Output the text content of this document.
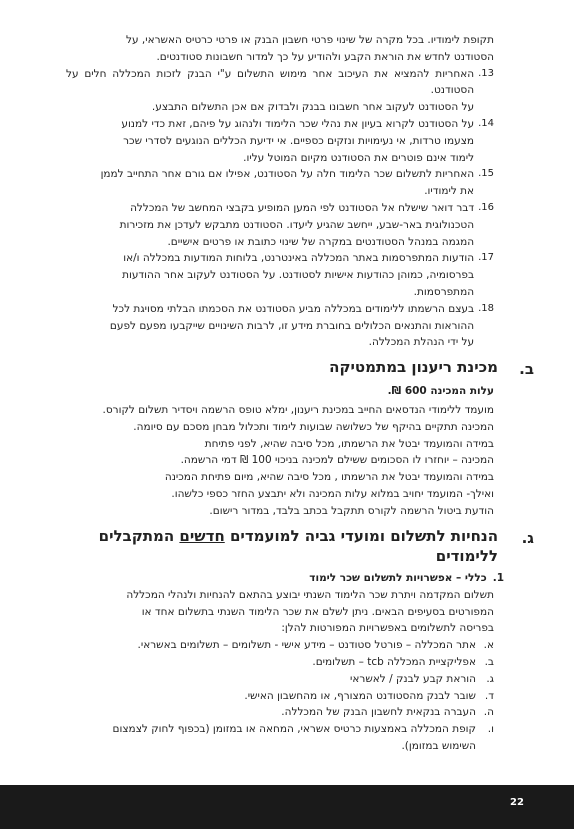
תקופת לימודיו. בכל מקרה של שינוי פרטי חשבון הבנק או פרטי כרטיס האשראי, על
הסטודנט לחדש את הוראת הקבע ולהודיע על כך למדור חשבונות סטודנטים.

13.
האחריות להמציא את העיכוב אחר מימוש התשלום ע"י הבנק לזכות המכללה חלים על הסטודנט.
על הסטודנט לעקוב אחר חשבונו בבנק ולבדוק אם אכן התשלום התבצע.
14.
על הסטודנט לקרוא בעיון את נהלי שכר הלימוד ולנהוג על פיהם, זאת כדי למנוע
מצעמו טרדות, אי נעימויות ונזקים כספיים. אי ידיעת הכללים הנוגעים לסדרי שכר
לימוד אינם פוטרים את הסטודנט מקיום המוטל עליו.
15.
האחריות לתשלום שכר הלימוד חלה על הסטודנט, אפילו אם גורם אחר התחייב לממן
את לימודיו.
16.
דבר דואר שישלח אל הסטודנט לפי המען המופיע בקבצי המחשב של המכללה
הטכנולוגית באר-שבע, ייחשב שהגיע ליעדו. הסטודנט מתבקש לעדכן את מזכירות
המגמה במנהל הסטודנטים במקרה של שינוי כתובת או פרטים אישיים.
17.
הודעות המתפרסמות באתר המכללה באינטרנט, בלוחות המודעות במכללה ו/או
בפרסומיה, כמוהן כהודעות אישיות לסטודנט. על הסטודנט לעקוב אחר ההודעות
המתפרסמות.
18.
בעצם הרשמתו ללימודים במכללה מביע הסטודנט את הסכמתו הבלתי מסויגת לכל
ההוראות והתנאים הכלולים בחוברת מידע זו, לרבות השינויים שייקבעו מפעם לפעם
על ידי הנהלת המכללה.
ב.
מכינת ריענון במתמטיקה
עלות המכינה 600 ₪.

מועמד ללימודי הנדסאים החייב במכינת ריענון, ימלא טופס הרשמה ויסדיר תשלום לקורס.
המכינה תתקיים בהיקף של כשלושה שבועות לימוד ותכלול מבחן מסכם עם סיומה.
במידה והמועמד יבטל את הרשמתו, מכל סיבה שהיא, לפני פתיחת
המכינה – יוחזרו לו הסכומים ששילם למכינה בניכוי 100 ₪ דמי הרשמה.
במידה והמועמד יבטל את הרשמתו , מכל סיבה שהיא, מיום פתיחת המכינה
ואילך- המועמד יחויב במלוא עלות המכינה ולא יתבצע החזר כספי כלשהו.
הודעת ביטול הרשמה לקורס תתקבל בכתב בלבד, במדור רישום.

ג.
הנחיות לתשלום ומועדי גביה למועמדים חדשים המתקבלים
ללימודים
1.
כללי – אפשרויות לתשלום שכר לימוד

תשלום המקדמה ויתרת שכר הלימוד השנתי יבוצע בהתאם להנחיות ולנהלי המכללה
המפורטים בסעיפים הבאים. ניתן לשלם את שכר הלימוד השנתי בתשלום אחד או
בפריסה לתשלומים באפשרויות המפורטות להלן:

א.
אתר המכללה – פורטל סטודנט – מידע אישי - תשלומים – תשלומים באשראי.
ב.
אפליקציית המכללה tcb – תשלומים.
ג.
הוראת קבע לבנק / לאשראי
ד.
שובר לבנק מהסטודנט המצורף, או מהחשבון האישי.
ה.
העברה בנקאית לחשבון הבנק של המכללה.
ו.
קופת המכללה באמצעות כרטיס אשראי, המחאה או במזומן (בכפוף לחוק לצמצום
השימוש במזומן).
22
